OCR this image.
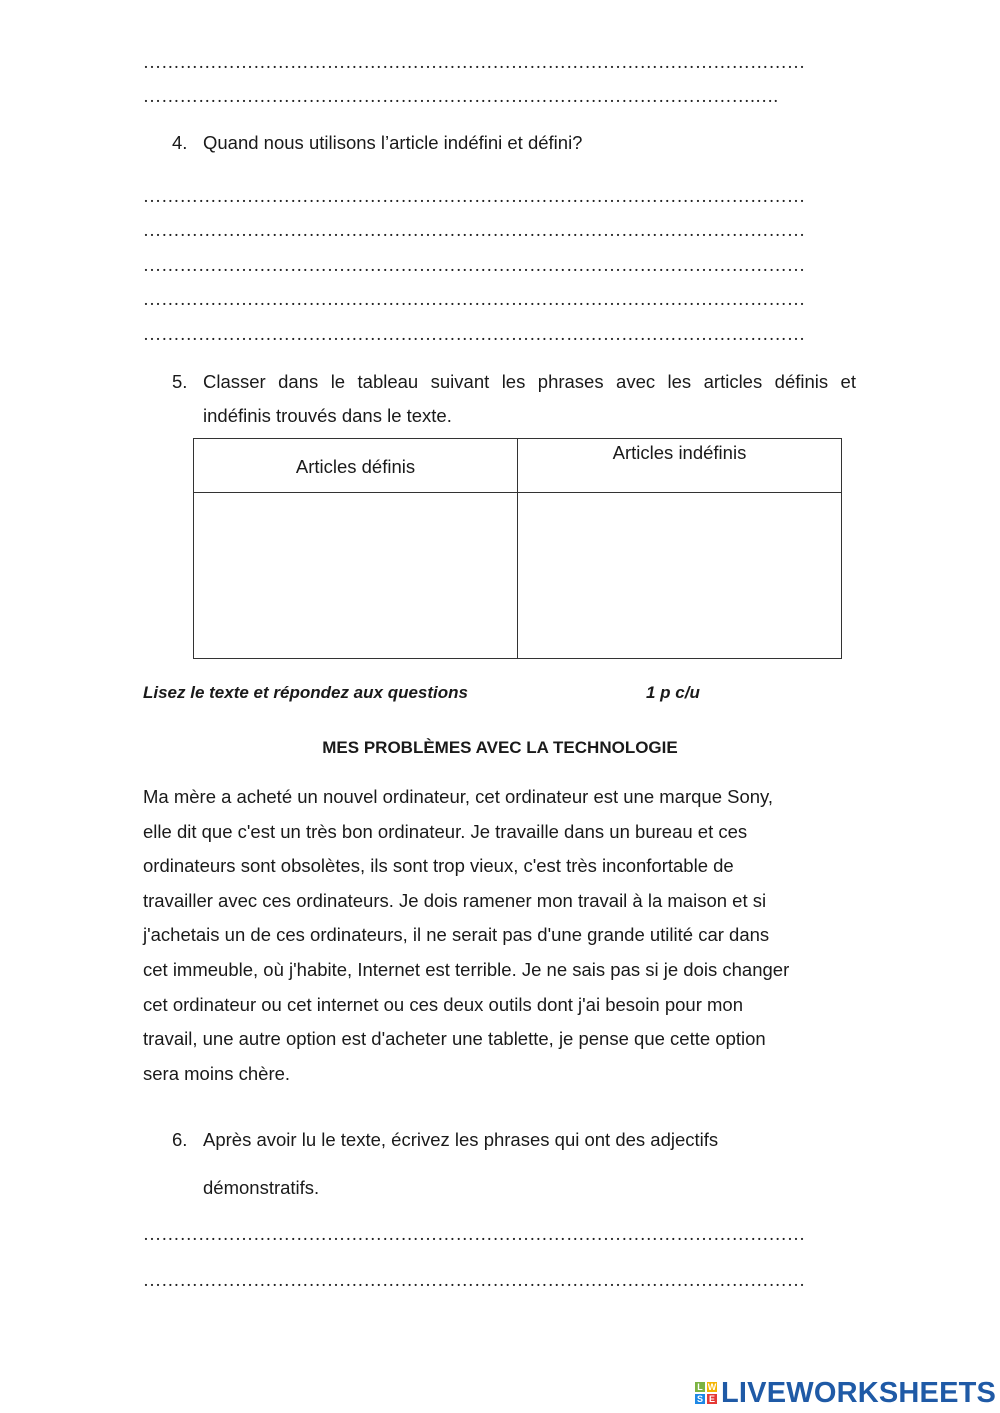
………………………………………………………………………………………………
……………………………………………………………………………………….….
4. Quand nous utilisons l’article indéfini et défini?
………………………………………………………………………………………………
………………………………………………………………………………………………
………………………………………………………………………………………………
………………………………………………………………………………………………
………………………………………………………………………………………………
5. Classer dans le tableau suivant les phrases avec les articles définis et
indéfinis trouvés dans le texte.
Articles définis	Articles indéfinis

Lisez le texte et répondez aux questions	1 p c/u
MES PROBLÈMES AVEC LA TECHNOLOGIE
Ma mère a acheté un nouvel ordinateur, cet ordinateur est une marque Sony,
elle dit que c'est un très bon ordinateur. Je travaille dans un bureau et ces
ordinateurs sont obsolètes, ils sont trop vieux, c'est très inconfortable de
travailler avec ces ordinateurs. Je dois ramener mon travail à la maison et si
j'achetais un de ces ordinateurs, il ne serait pas d'une grande utilité car dans
cet immeuble, où j'habite, Internet est terrible. Je ne sais pas si je dois changer
cet ordinateur ou cet internet ou ces deux outils dont j'ai besoin pour mon
travail, une autre option est d'acheter une tablette, je pense que cette option
sera moins chère.
6. Après avoir lu le texte, écrivez les phrases qui ont des adjectifs
démonstratifs.
………………………………………………………………………………………………
………………………………………………………………………………………………
L W
S E LIVEWORKSHEETS
